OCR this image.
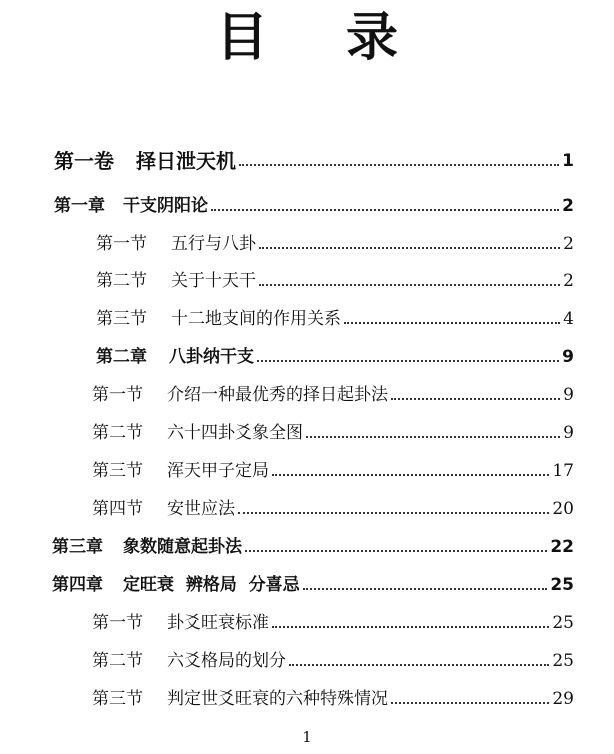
目 录
第一卷 择日泄天机	1
第一章 干支阴阳论	2
第一节 五行与八卦	2
第二节 关于十天干	2
第三节 十二地支间的作用关系	4
第二章 八卦纳干支	9
第一节 介绍一种最优秀的择日起卦法	9
第二节 六十四卦爻象全图	9
第三节 浑天甲子定局	17
第四节 安世应法	20
第三章 象数随意起卦法	22
第四章 定旺衰  辨格局  分喜忌	25
第一节 卦爻旺衰标准	25
第二节 六爻格局的划分	25
第三节 判定世爻旺衰的六种特殊情况	29
1
